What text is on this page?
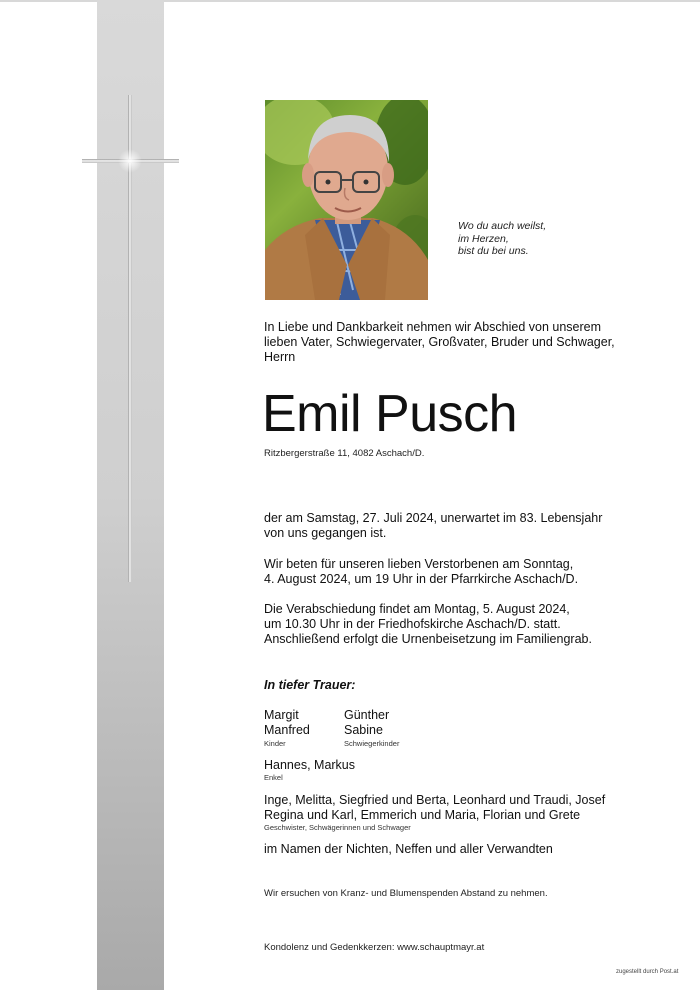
Wo du auch weilst,
im Herzen,
bist du bei uns.
In Liebe und Dankbarkeit nehmen wir Abschied von unserem lieben Vater, Schwiegervater, Großvater, Bruder und Schwager, Herrn
Emil Pusch
Ritzbergerstraße 11, 4082 Aschach/D.
der am Samstag, 27. Juli 2024, unerwartet im 83. Lebensjahr
von uns gegangen ist.
Wir beten für unseren lieben Verstorbenen am Sonntag,
4. August 2024, um 19 Uhr in der Pfarrkirche Aschach/D.
Die Verabschiedung findet am Montag, 5. August 2024,
um 10.30 Uhr in der Friedhofskirche Aschach/D. statt.
Anschließend erfolgt die Urnenbeisetzung im Familiengrab.
In tiefer Trauer:
Margit
Manfred
Kinder
Günther
Sabine
Schwiegerkinder
Hannes, Markus
Enkel
Inge, Melitta, Siegfried und Berta, Leonhard und Traudi, Josef
Regina und Karl, Emmerich und Maria, Florian und Grete
Geschwister, Schwägerinnen und Schwager
im Namen der Nichten, Neffen und aller Verwandten
Wir ersuchen von Kranz- und Blumenspenden Abstand zu nehmen.
Kondolenz und Gedenkkerzen: www.schauptmayr.at
zugestellt durch Post.at
